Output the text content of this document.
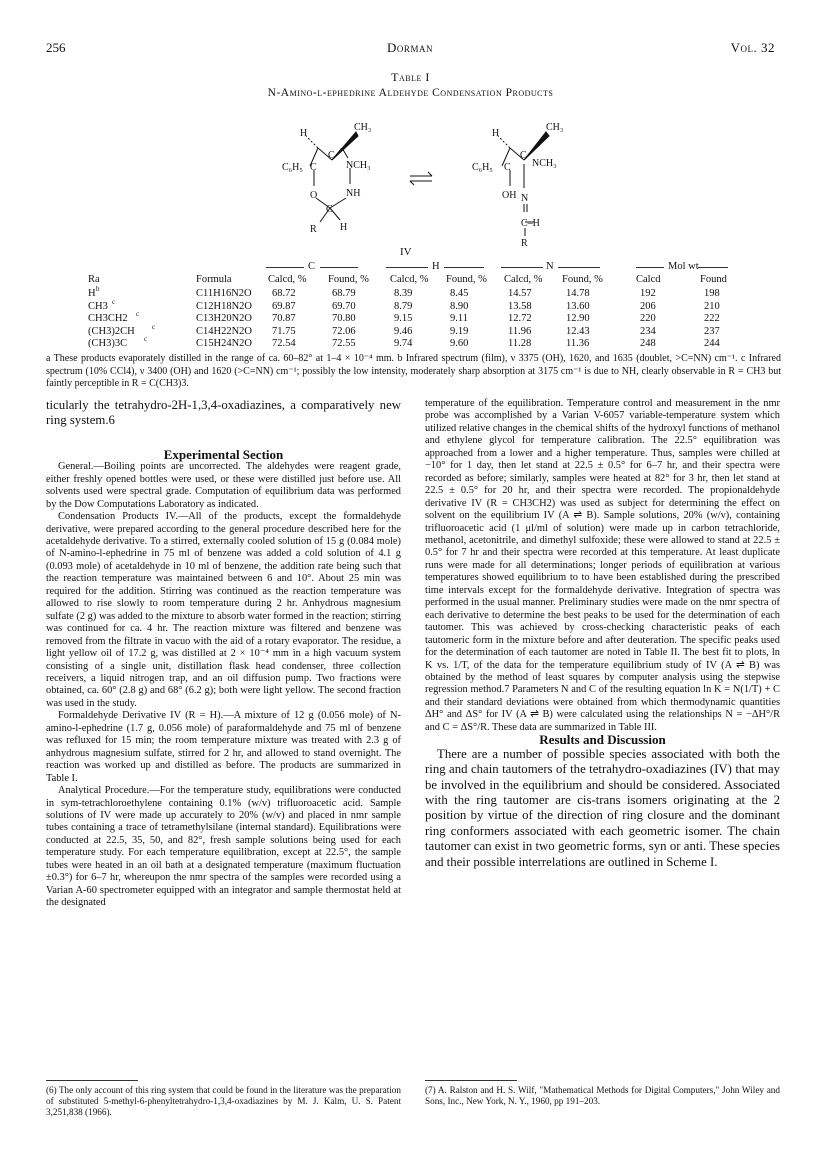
256	Dorman	Vol. 32
Table I
N-Amino-l-ephedrine Aldehyde Condensation Products
H
CH₃
C₆H₅ C
C
NCH₃
O	NH
C
R H
H
CH₃
C₆H₅ C
C
NCH₃
OH N
C–H
R
IV
C	H	N	Mol wt
Ra	Formula	Calcd, % Found, % Calcd, % Found, % Calcd, % Found, %	Calcd	Found
H b	C11H16N2O 68.72	68.79	8.39	8.45	14.57	14.78	192	198
CH3 c	C12H18N2O 69.87	69.70	8.79	8.90	13.58	13.60	206	210
CH3CH2 c	C13H20N2O 70.87	70.80	9.15	9.11	12.72	12.90	220	222
(CH3)2CH c	C14H22N2O 71.75	72.06	9.46	9.19	11.96	12.43	234	237
(CH3)3C c	C15H24N2O 72.54	72.55	9.74	9.60	11.28	11.36	248	244
a These products evaporately distilled in the range of ca. 60–82° at 1–4 × 10⁻⁴ mm. b Infrared spectrum (film), ν 3375 (OH), 1620, and 1635 (doublet, >C=NN) cm⁻¹. c Infrared spectrum (10% CCl4), ν 3400 (OH) and 1620 (>C=NN) cm⁻¹; possibly the low intensity, moderately sharp absorption at 3175 cm⁻¹ is due to NH, clearly observable in R = CH3 but faintly perceptible in R = C(CH3)3.

ticularly the tetrahydro-2H-1,3,4-oxadiazines, a comparatively new ring system.6

Experimental Section

General.—Boiling points are uncorrected. The aldehydes were reagent grade, either freshly opened bottles were used, or these were distilled just before use. All solvents used were spectral grade. Computation of equilibrium data was performed by the Dow Computations Laboratory as indicated.

Condensation Products IV.—All of the products, except the formaldehyde derivative, were prepared according to the general procedure described here for the acetaldehyde derivative. To a stirred, externally cooled solution of 15 g (0.084 mole) of N-amino-l-ephedrine in 75 ml of benzene was added a cold solution of 4.1 g (0.093 mole) of acetaldehyde in 10 ml of benzene, the addition rate being such that the reaction temperature was maintained between 6 and 10°. About 25 min was required for the addition. Stirring was continued as the reaction temperature was allowed to rise slowly to room temperature during 2 hr. Anhydrous magnesium sulfate (2 g) was added to the mixture to absorb water formed in the reaction; stirring was continued for ca. 4 hr. The reaction mixture was filtered and benzene was removed from the filtrate in vacuo with the aid of a rotary evaporator. The residue, a light yellow oil of 17.2 g, was distilled at 2 × 10⁻⁴ mm in a high vacuum system consisting of a single unit, distillation flask head condenser, three collection receivers, a liquid nitrogen trap, and an oil diffusion pump. Two fractions were obtained, ca. 60° (2.8 g) and 68° (6.2 g); both were light yellow. The second fraction was used in the study.

Formaldehyde Derivative IV (R = H).—A mixture of 12 g (0.056 mole) of N-amino-l-ephedrine (1.7 g, 0.056 mole) of paraformaldehyde and 75 ml of benzene was refluxed for 15 min; the room temperature mixture was treated with 2.3 g of anhydrous magnesium sulfate, stirred for 2 hr, and allowed to stand overnight. The reaction was worked up and distilled as before. The products are summarized in Table I.

Analytical Procedure.—For the temperature study, equilibrations were conducted in sym-tetrachloroethylene containing 0.1% (w/v) trifluoroacetic acid. Sample solutions of IV were made up accurately to 20% (w/v) and placed in nmr sample tubes containing a trace of tetramethylsilane (internal standard). Equilibrations were conducted at 22.5, 35, 50, and 82°, fresh sample solutions being used for each temperature study. For each temperature equilibration, except at 22.5°, the sample tubes were heated in an oil bath at a designated temperature (maximum fluctuation ±0.3°) for 6–7 hr, whereupon the nmr spectra of the samples were recorded using a Varian A-60 spectrometer equipped with an integrator and sample thermostat held at the designated

(6) The only account of this ring system that could be found in the literature was the preparation of substituted 5-methyl-6-phenyltetrahydro-1,3,4-oxadiazines by M. J. Kalm, U. S. Patent 3,251,838 (1966).

temperature of the equilibration. Temperature control and measurement in the nmr probe was accomplished by a Varian V-6057 variable-temperature system which utilized relative changes in the chemical shifts of the hydroxyl functions of methanol and ethylene glycol for temperature calibration. The 22.5° equilibration was approached from a lower and a higher temperature. Thus, samples were chilled at −10° for 1 day, then let stand at 22.5 ± 0.5° for 6–7 hr, and their spectra were recorded as before; similarly, samples were heated at 82° for 3 hr, then let stand at 22.5 ± 0.5° for 20 hr, and their spectra were recorded. The propionaldehyde derivative IV (R = CH3CH2) was used as subject for determining the effect on solvent on the equilibrium IV (A ⇌ B). Sample solutions, 20% (w/v), containing trifluoroacetic acid (1 μl/ml of solution) were made up in carbon tetrachloride, methanol, acetonitrile, and dimethyl sulfoxide; these were allowed to stand at 22.5 ± 0.5° for 7 hr and their spectra were recorded at this temperature. At least duplicate runs were made for all determinations; longer periods of equilibration at various temperatures showed equilibrium to to have been established during the prescribed time intervals except for the formaldehyde derivative. Integration of spectra was performed in the usual manner. Preliminary studies were made on the nmr spectra of each derivative to determine the best peaks to be used for the determination of each tautomer. This was achieved by cross-checking characteristic peaks of each tautomeric form in the mixture before and after deuteration. The specific peaks used for the determination of each tautomer are noted in Table II. The best fit to plots, ln K vs. 1/T, of the data for the temperature equilibrium study of IV (A ⇌ B) was obtained by the method of least squares by computer analysis using the stepwise regression method.7 Parameters N and C of the resulting equation ln K = N(1/T) + C and their standard deviations were obtained from which thermodynamic quantities ΔH° and ΔS° for IV (A ⇌ B) were calculated using the relationships N = −ΔH°/R and C = ΔS°/R. These data are summarized in Table III.

Results and Discussion

There are a number of possible species associated with both the ring and chain tautomers of the tetrahydro-oxadiazines (IV) that may be involved in the equilibrium and should be considered. Associated with the ring tautomer are cis-trans isomers originating at the 2 position by virtue of the direction of ring closure and the dominant ring conformers associated with each geometric isomer. The chain tautomer can exist in two geometric forms, syn or anti. These species and their possible interrelations are outlined in Scheme I.

(7) A. Ralston and H. S. Wilf, "Mathematical Methods for Digital Computers," John Wiley and Sons, Inc., New York, N. Y., 1960, pp 191–203.
